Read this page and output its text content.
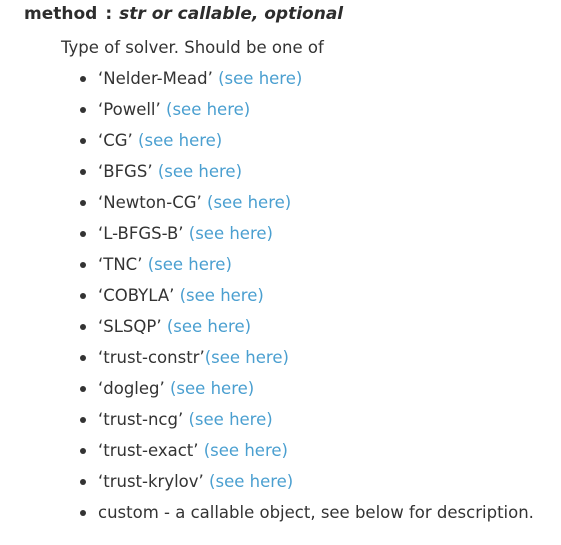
method : str or callable, optional
Type of solver. Should be one of
‘Nelder-Mead’ (see here)
‘Powell’ (see here)
‘CG’ (see here)
‘BFGS’ (see here)
‘Newton-CG’ (see here)
‘L-BFGS-B’ (see here)
‘TNC’ (see here)
‘COBYLA’ (see here)
‘SLSQP’ (see here)
‘trust-constr’(see here)
‘dogleg’ (see here)
‘trust-ncg’ (see here)
‘trust-exact’ (see here)
‘trust-krylov’ (see here)
custom - a callable object, see below for description.
